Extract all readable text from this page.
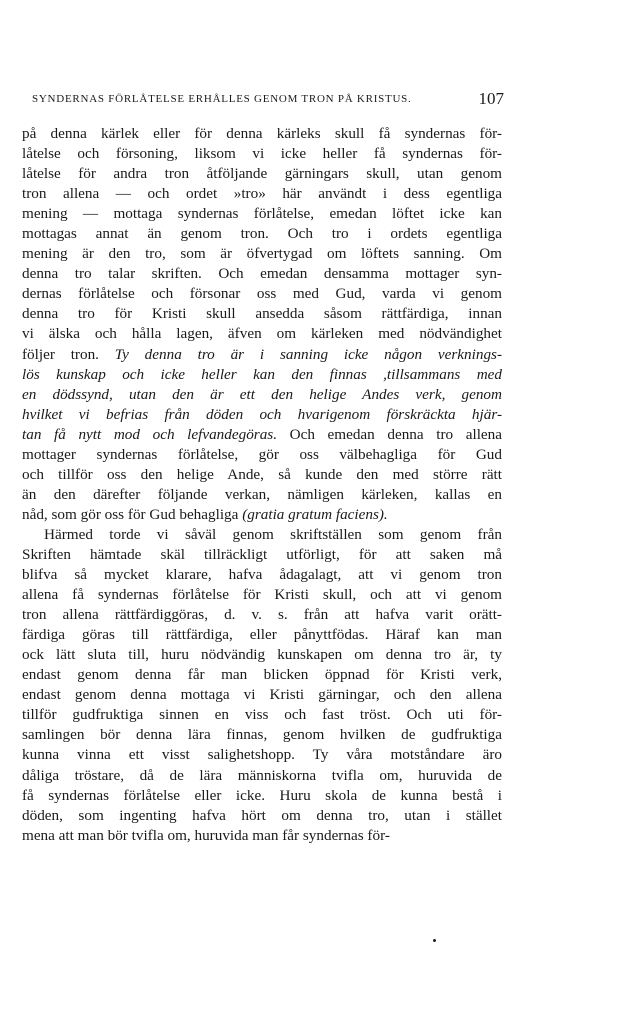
SYNDERNAS FÖRLÅTELSE ERHÅLLES GENOM TRON PÅ KRISTUS.	107
på denna kärlek eller för denna kärleks skull få syndernas för-
låtelse och försoning, liksom vi icke heller få syndernas för-
låtelse för andra tron åtföljande gärningars skull, utan genom
tron allena — och ordet »tro» här användt i dess egentliga
mening — mottaga syndernas förlåtelse, emedan löftet icke kan
mottagas annat än genom tron. Och tro i ordets egentliga
mening är den tro, som är öfvertygad om löftets sanning. Om
denna tro talar skriften. Och emedan densamma mottager syn-
dernas förlåtelse och försonar oss med Gud, varda vi genom
denna tro för Kristi skull ansedda såsom rättfärdiga, innan
vi älska och hålla lagen, äfven om kärleken med nödvändighet
följer tron. Ty denna tro är i sanning icke någon verknings-
lös kunskap och icke heller kan den finnas ,tillsammans med
en dödssynd, utan den är ett den helige Andes verk, genom
hvilket vi befrias från döden och hvarigenom förskräckta hjär-
tan få nytt mod och lefvandegöras. Och emedan denna tro allena
mottager syndernas förlåtelse, gör oss välbehagliga för Gud
och tillför oss den helige Ande, så kunde den med större rätt
än den därefter följande verkan, nämligen kärleken, kallas en
nåd, som gör oss för Gud behagliga (gratia gratum faciens).
Härmed torde vi såväl genom skriftställen som genom från
Skriften hämtade skäl tillräckligt utförligt, för att saken må
blifva så mycket klarare, hafva ådagalagt, att vi genom tron
allena få syndernas förlåtelse för Kristi skull, och att vi genom
tron allena rättfärdiggöras, d. v. s. från att hafva varit orätt-
färdiga göras till rättfärdiga, eller pånyttfödas. Häraf kan man
ock lätt sluta till, huru nödvändig kunskapen om denna tro är, ty
endast genom denna får man blicken öppnad för Kristi verk,
endast genom denna mottaga vi Kristi gärningar, och den allena
tillför gudfruktiga sinnen en viss och fast tröst. Och uti för-
samlingen bör denna lära finnas, genom hvilken de gudfruktiga
kunna vinna ett visst salighetshopp. Ty våra motståndare äro
dåliga tröstare, då de lära människorna tvifla om, huruvida de
få syndernas förlåtelse eller icke. Huru skola de kunna bestå i
döden, som ingenting hafva hört om denna tro, utan i stället
mena att man bör tvifla om, huruvida man får syndernas för-
